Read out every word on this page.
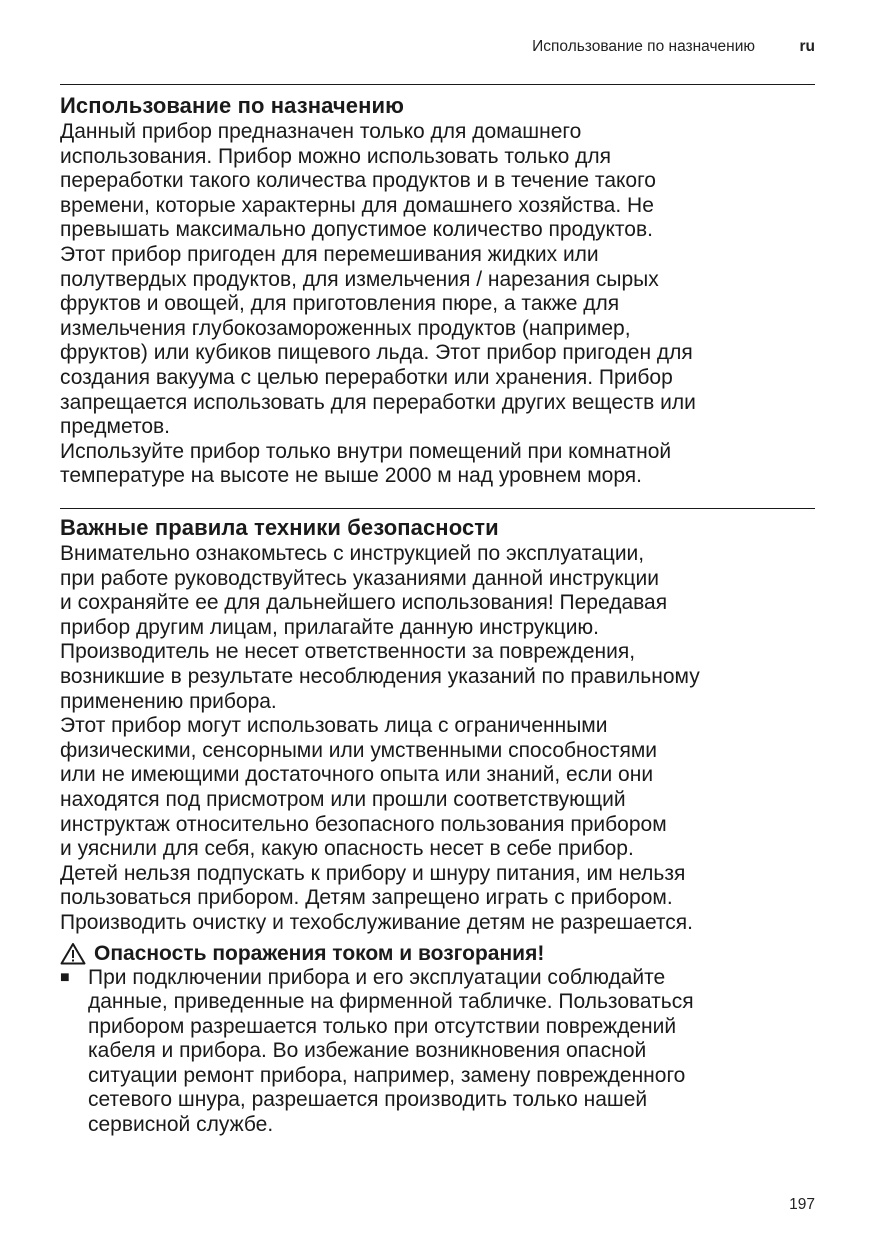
Использование по назначению	ru
Использование по назначению

Данный прибор предназначен только для домашнего

использования. Прибор можно использовать только для

переработки такого количества продуктов и в течение такого

времени, которые характерны для домашнего хозяйства. Не

превышать максимально допустимое количество продуктов.

Этот прибор пригоден для перемешивания жидких или

полутвердых продуктов, для измельчения / нарезания сырых

фруктов и овощей, для приготовления пюре, а также для

измельчения глубокозамороженных продуктов (например,

фруктов) или кубиков пищевого льда. Этот прибор пригоден для

создания вакуума с целью переработки или хранения. Прибор

запрещается использовать для переработки других веществ или

предметов.

Используйте прибор только внутри помещений при комнатной

температуре на высоте не выше 2000 м над уровнем моря.

Важные правила техники безопасности

Внимательно ознакомьтесь с инструкцией по эксплуатации,

при работе руководствуйтесь указаниями данной инструкции

и сохраняйте ее для дальнейшего использования! Передавая

прибор другим лицам, прилагайте данную инструкцию.

Производитель не несет ответственности за повреждения,

возникшие в результате несоблюдения указаний по правильному

применению прибора.

Этот прибор могут использовать лица с ограниченными

физическими, сенсорными или умственными способностями

или не имеющими достаточного опыта или знаний, если они

находятся под присмотром или прошли соответствующий

инструктаж относительно безопасного пользования прибором

и уяснили для себя, какую опасность несет в себе прибор.

Детей нельзя подпускать к прибору и шнуру питания, им нельзя

пользоваться прибором. Детям запрещено играть с прибором.

Производить очистку и техобслуживание детям не разрешается.

Опасность поражения током и возгорания!
■ При подключении прибора и его эксплуатации соблюдайте

данные, приведенные на фирменной табличке. Пользоваться

прибором разрешается только при отсутствии повреждений

кабеля и прибора. Во избежание возникновения опасной

ситуации ремонт прибора, например, замену поврежденного

сетевого шнура, разрешается производить только нашей

сервисной службе.

197
